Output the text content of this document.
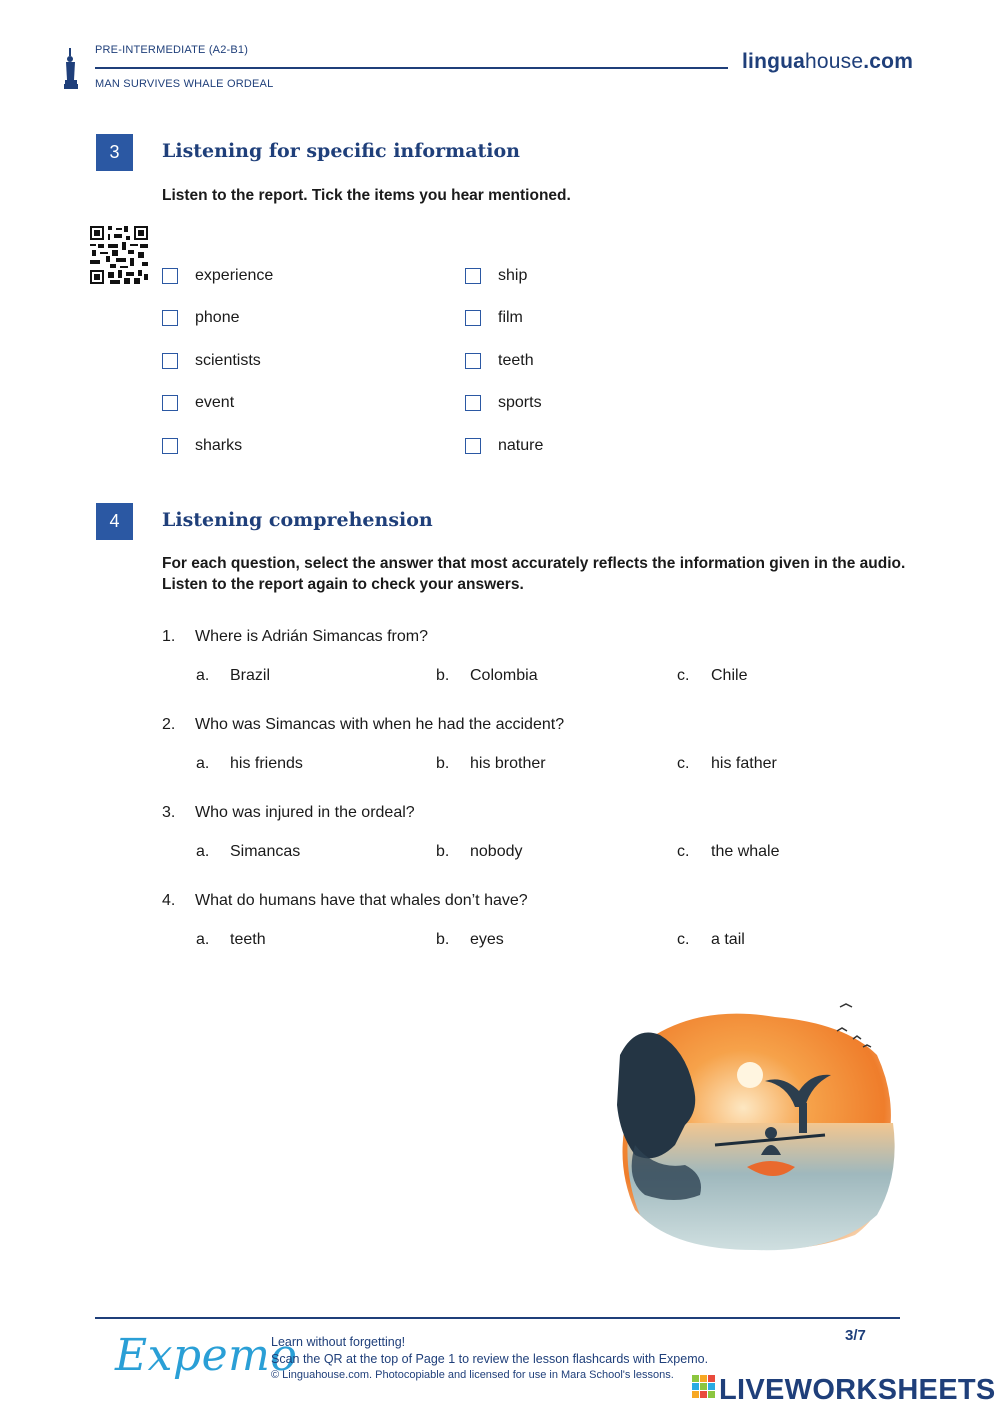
PRE-INTERMEDIATE (A2-B1)
MAN SURVIVES WHALE ORDEAL
linguahouse.com
3	Listening for specific information
Listen to the report. Tick the items you hear mentioned.
experience
phone
scientists
event
sharks
ship
film
teeth
sports
nature
4	Listening comprehension
For each question, select the answer that most accurately reflects the information given in the audio.
Listen to the report again to check your answers.
1. Where is Adrián Simancas from?
a. Brazil	b. Colombia	c. Chile
2. Who was Simancas with when he had the accident?
a. his friends	b. his brother	c. his father
3. Who was injured in the ordeal?
a. Simancas	b. nobody	c. the whale
4. What do humans have that whales don’t have?
a. teeth	b. eyes	c. a tail
Expemo
Learn without forgetting!
Scan the QR at the top of Page 1 to review the lesson flashcards with Expemo.
© Linguahouse.com. Photocopiable and licensed for use in Mara School's lessons.
3/7
LIVEWORKSHEETS
